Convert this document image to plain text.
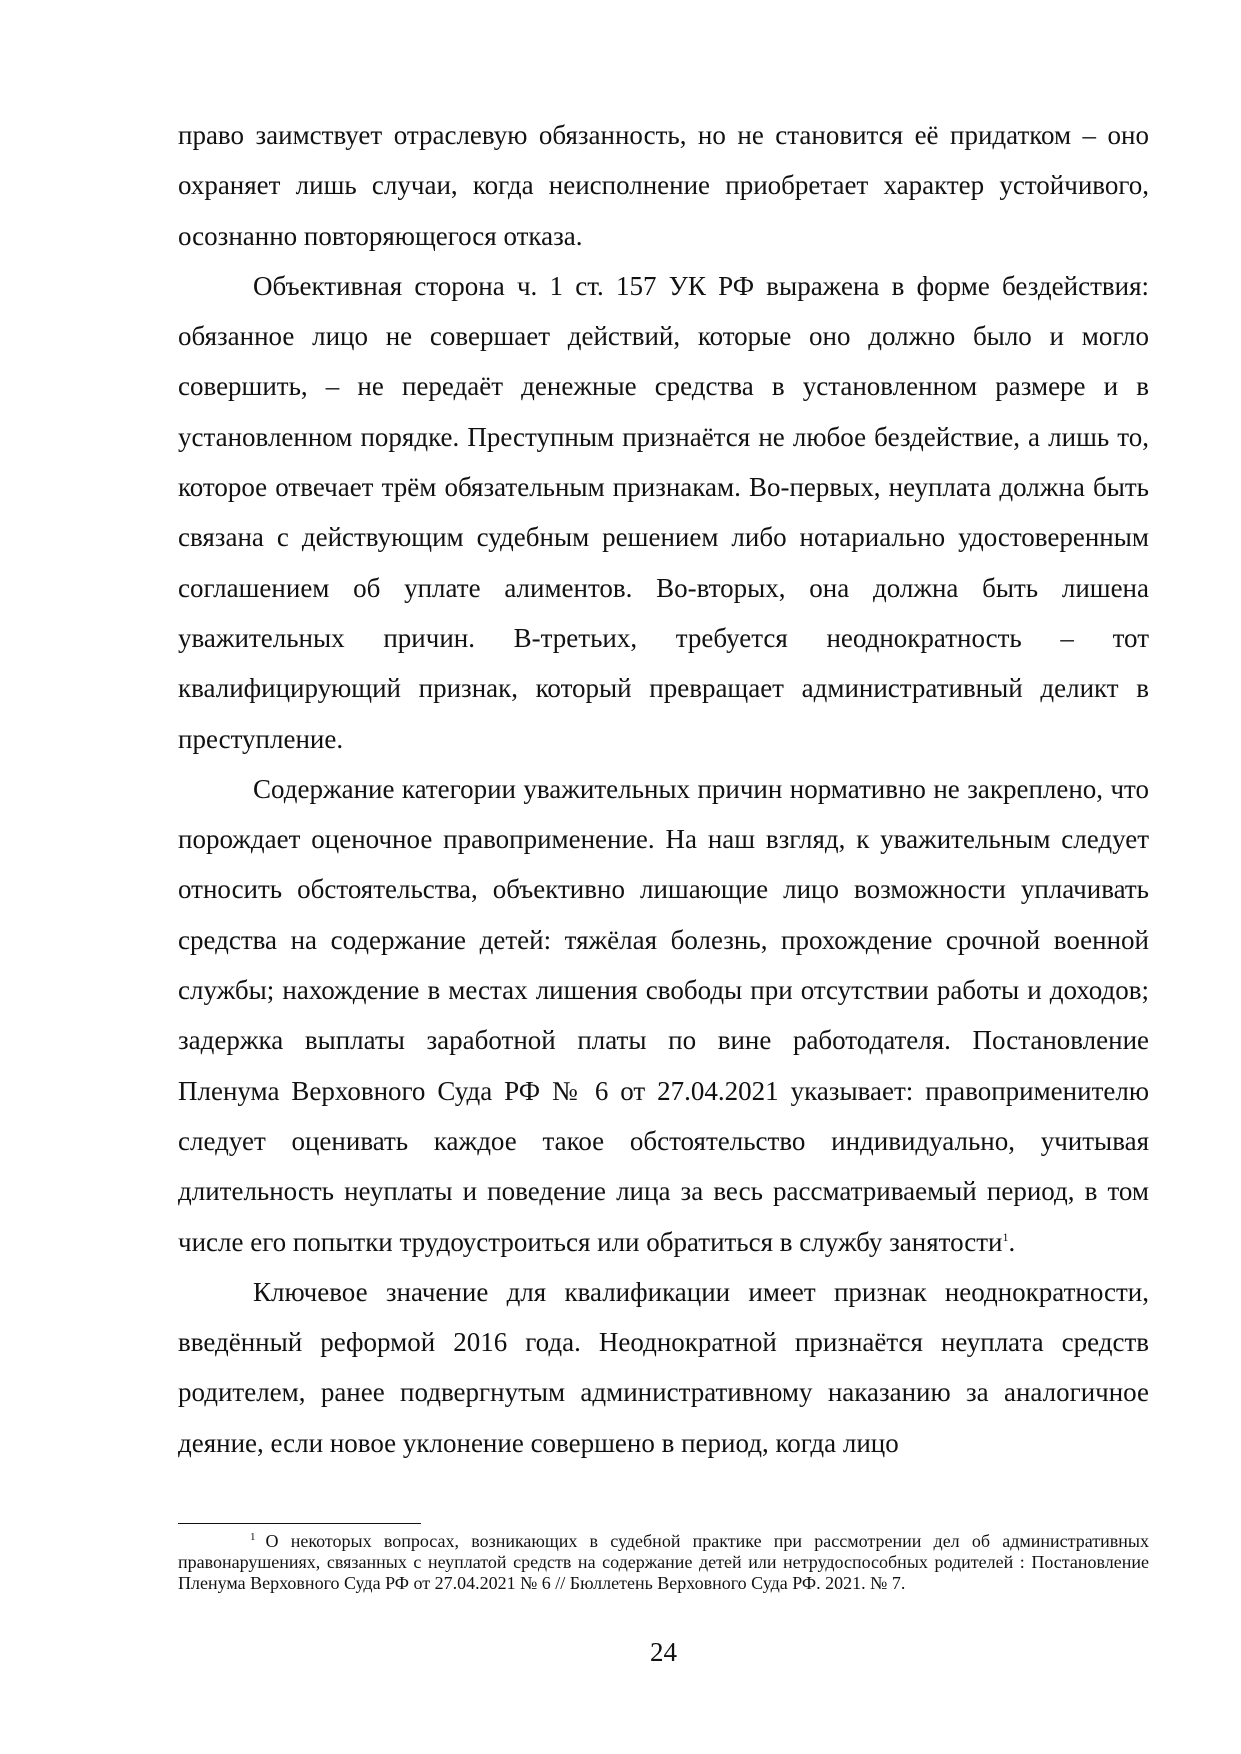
право заимствует отраслевую обязанность, но не становится её придатком – оно охраняет лишь случаи, когда неисполнение приобретает характер устойчивого, осознанно повторяющегося отказа.

Объективная сторона ч. 1 ст. 157 УК РФ выражена в форме бездействия: обязанное лицо не совершает действий, которые оно должно было и могло совершить, – не передаёт денежные средства в установленном размере и в установленном порядке. Преступным признаётся не любое бездействие, а лишь то, которое отвечает трём обязательным признакам. Во-первых, неуплата должна быть связана с действующим судебным решением либо нотариально удостоверенным соглашением об уплате алиментов. Во-вторых, она должна быть лишена уважительных причин. В-третьих, требуется неоднократность – тот квалифицирующий признак, который превращает административный деликт в преступление.

Содержание категории уважительных причин нормативно не закреплено, что порождает оценочное правоприменение. На наш взгляд, к уважительным следует относить обстоятельства, объективно лишающие лицо возможности уплачивать средства на содержание детей: тяжёлая болезнь, прохождение срочной военной службы; нахождение в местах лишения свободы при отсутствии работы и доходов; задержка выплаты заработной платы по вине работодателя. Постановление Пленума Верховного Суда РФ № 6 от 27.04.2021 указывает: правоприменителю следует оценивать каждое такое обстоятельство индивидуально, учитывая длительность неуплаты и поведение лица за весь рассматриваемый период, в том числе его попытки трудоустроиться или обратиться в службу занятости$^1$.

Ключевое значение для квалификации имеет признак неоднократности, введённый реформой 2016 года. Неоднократной признаётся неуплата средств родителем, ранее подвергнутым административному наказанию за аналогичное деяние, если новое уклонение совершено в период, когда лицо

$^1$ О некоторых вопросах, возникающих в судебной практике при рассмотрении дел об административных правонарушениях, связанных с неуплатой средств на содержание детей или нетрудоспособных родителей : Постановление Пленума Верховного Суда РФ от 27.04.2021 № 6 // Бюллетень Верховного Суда РФ. 2021. № 7.

24
